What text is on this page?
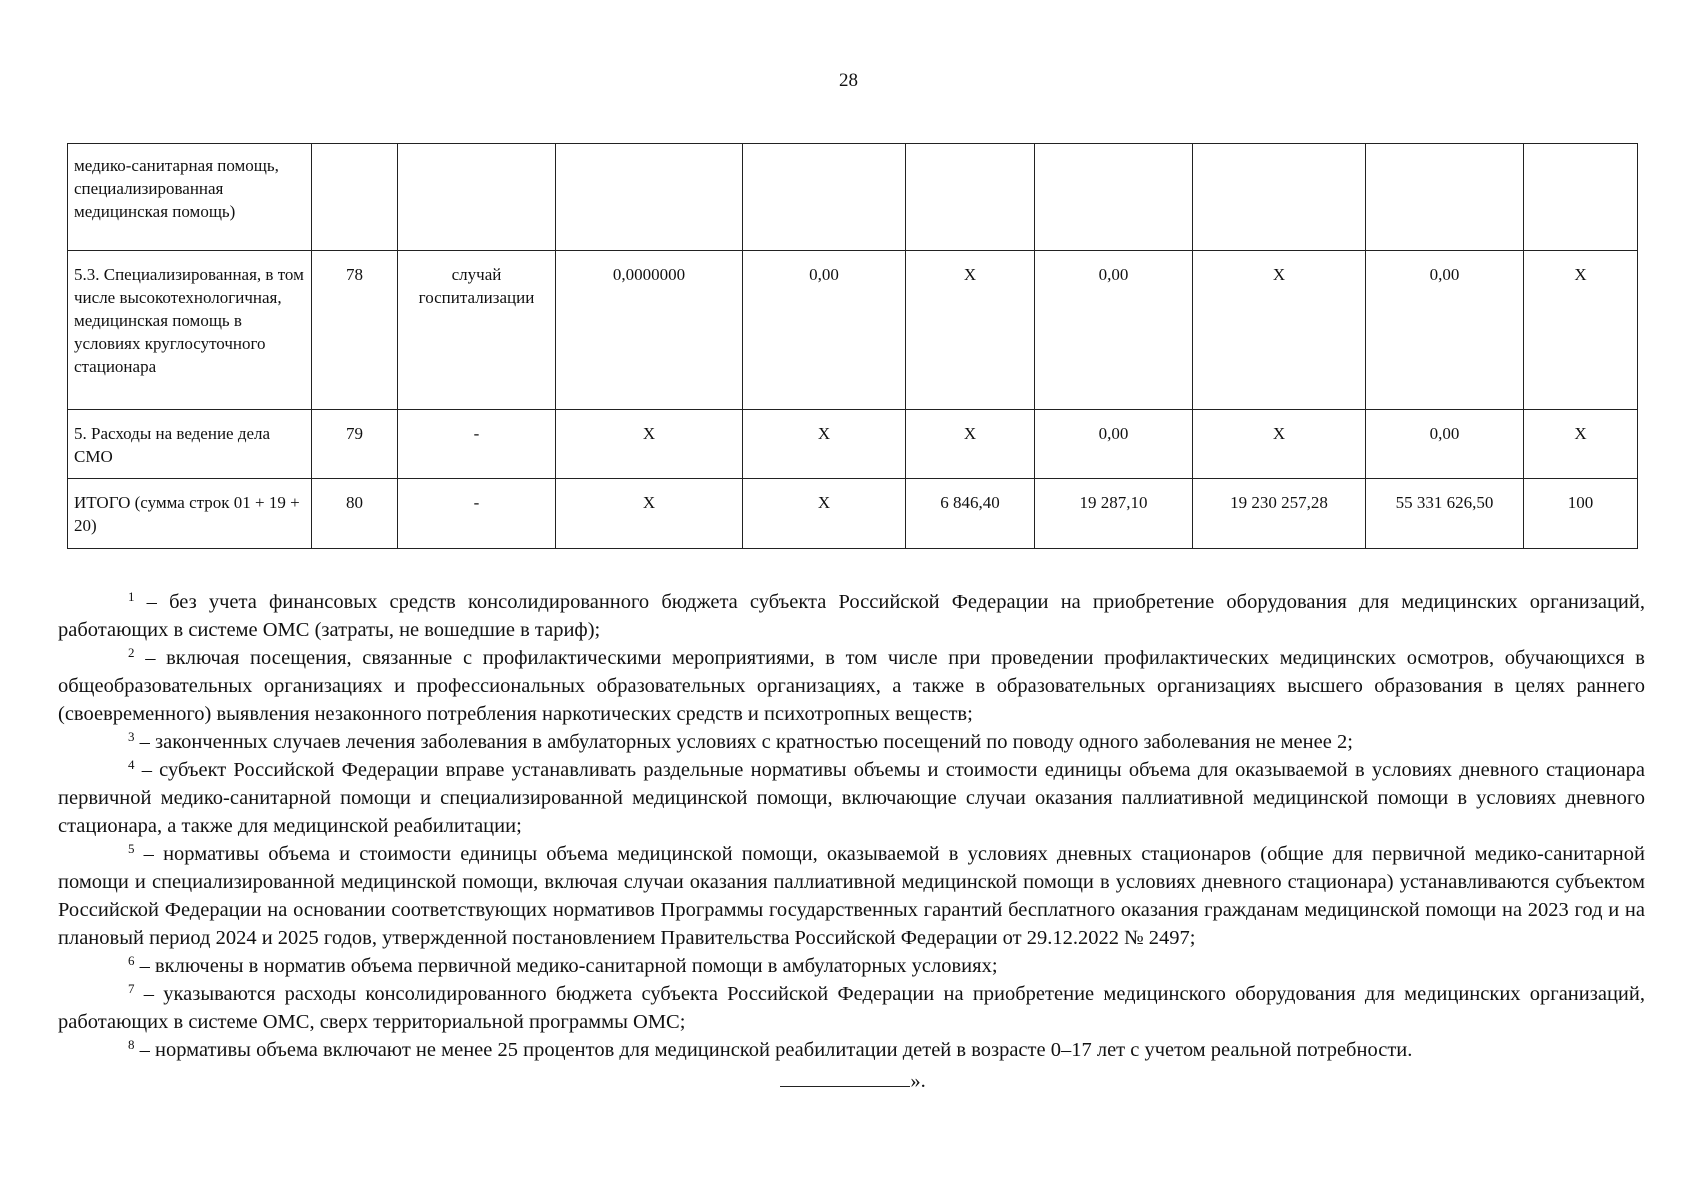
28
медико-санитарная помощь, специализированная медицинская помощь)									
5.3. Специализированная, в том числе высокотехнологичная, медицинская помощь в условиях круглосуточного стационара	78	случай госпитализации	0,0000000	0,00	X	0,00	X	0,00	X
5. Расходы на ведение дела СМО	79	-	X	X	X	0,00	X	0,00	X
ИТОГО (сумма строк 01 + 19 + 20)	80	-	X	X	6 846,40	19 287,10	19 230 257,28	55 331 626,50	100

$^1$ – без учета финансовых средств консолидированного бюджета субъекта Российской Федерации на приобретение оборудования для медицинских организаций, работающих в системе ОМС (затраты, не вошедшие в тариф);

$^2$ – включая посещения, связанные с профилактическими мероприятиями, в том числе при проведении профилактических медицинских осмотров, обучающихся в общеобразовательных организациях и профессиональных образовательных организациях, а также в образовательных организациях высшего образования в целях раннего (своевременного) выявления незаконного потребления наркотических средств и психотропных веществ;

$^3$ – законченных случаев лечения заболевания в амбулаторных условиях с кратностью посещений по поводу одного заболевания не менее 2;

$^4$ – субъект Российской Федерации вправе устанавливать раздельные нормативы объемы и стоимости единицы объема для оказываемой в условиях дневного стационара первичной медико-санитарной помощи и специализированной медицинской помощи, включающие случаи оказания паллиативной медицинской помощи в условиях дневного стационара, а также для медицинской реабилитации;

$^5$ – нормативы объема и стоимости единицы объема медицинской помощи, оказываемой в условиях дневных стационаров (общие для первичной медико-санитарной помощи и специализированной медицинской помощи, включая случаи оказания паллиативной медицинской помощи в условиях дневного стационара) устанавливаются субъектом Российской Федерации на основании соответствующих нормативов Программы государственных гарантий бесплатного оказания гражданам медицинской помощи на 2023 год и на плановый период 2024 и 2025 годов, утвержденной постановлением Правительства Российской Федерации от 29.12.2022 № 2497;

$^6$ – включены в норматив объема первичной медико-санитарной помощи в амбулаторных условиях;

$^7$ – указываются расходы консолидированного бюджета субъекта Российской Федерации на приобретение медицинского оборудования для медицинских организаций, работающих в системе ОМС, сверх территориальной программы ОМС;

$^8$ – нормативы объема включают не менее 25 процентов для медицинской реабилитации детей в возрасте 0–17 лет с учетом реальной потребности.

».
